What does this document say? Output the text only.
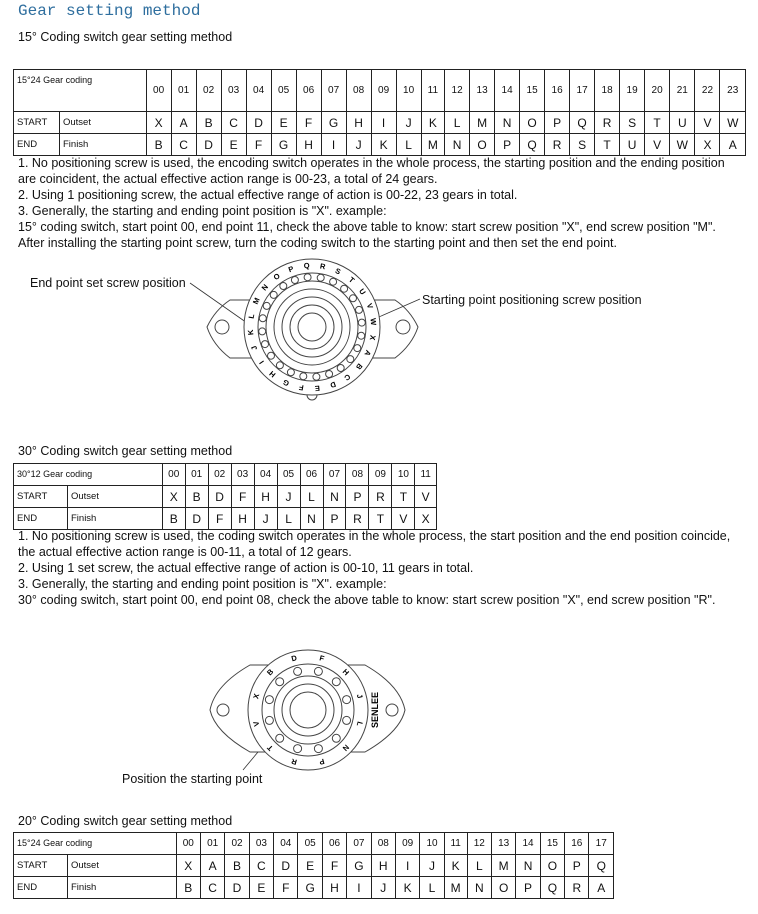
Gear setting method
15° Coding switch gear setting method
15°24 Gear coding		00	01	02	03	04	05	06	07	08	09	10	11	12	13	14	15	16	17	18	19	20	21	22	23
START	Outset	X	A	B	C	D	E	F	G	H	I	J	K	L	M	N	O	P	Q	R	S	T	U	V	W
END	Finish	B	C	D	E	F	G	H	I	J	K	L	M	N	O	P	Q	R	S	T	U	V	W	X	A

1. No positioning screw is used, the encoding switch operates in the whole process, the starting position and the ending position are coincident, the actual effective action range is 00-23, a total of 24 gears.

2. Using 1 positioning screw, the actual effective range of action is 00-22, 23 gears in total.

3. Generally, the starting and ending point position is "X". example:

15° coding switch, start point 00, end point 11, check the above table to know: start screw position "X", end screw position "M". After installing the starting point screw, turn the coding switch to the starting point and then set the end point.

End point set screw position
Starting point positioning screw position
P Q R S
T
U
V
W
X
A
B
C
D
E
F
G
H
I
J
K
L
M
N
O
30° Coding switch gear setting method
30°12 Gear coding		00	01	02	03	04	05	06	07	08	09	10	11
START	Outset	X	B	D	F	H	J	L	N	P	R	T	V
END	Finish	B	D	F	H	J	L	N	P	R	T	V	X

1. No positioning screw is used, the coding switch operates in the whole process, the start position and the end position coincide, the actual effective action range is 00-11, a total of 12 gears.

2. Using 1 set screw, the actual effective range of action is 00-10, 11 gears in total.

3. Generally, the starting and ending point position is "X". example:

30° coding switch, start point 00, end point 08, check the above table to know: start screw position "X", end screw position "R".

SENLEE
D	F
H
J
L
N
P
R
T
V
X
B
Position the starting point
20° Coding switch gear setting method
15°24 Gear coding		00	01	02	03	04	05	06	07	08	09	10	11	12	13	14	15	16	17
START	Outset	X	A	B	C	D	E	F	G	H	I	J	K	L	M	N	O	P	Q
END	Finish	B	C	D	E	F	G	H	I	J	K	L	M	N	O	P	Q	R	A
